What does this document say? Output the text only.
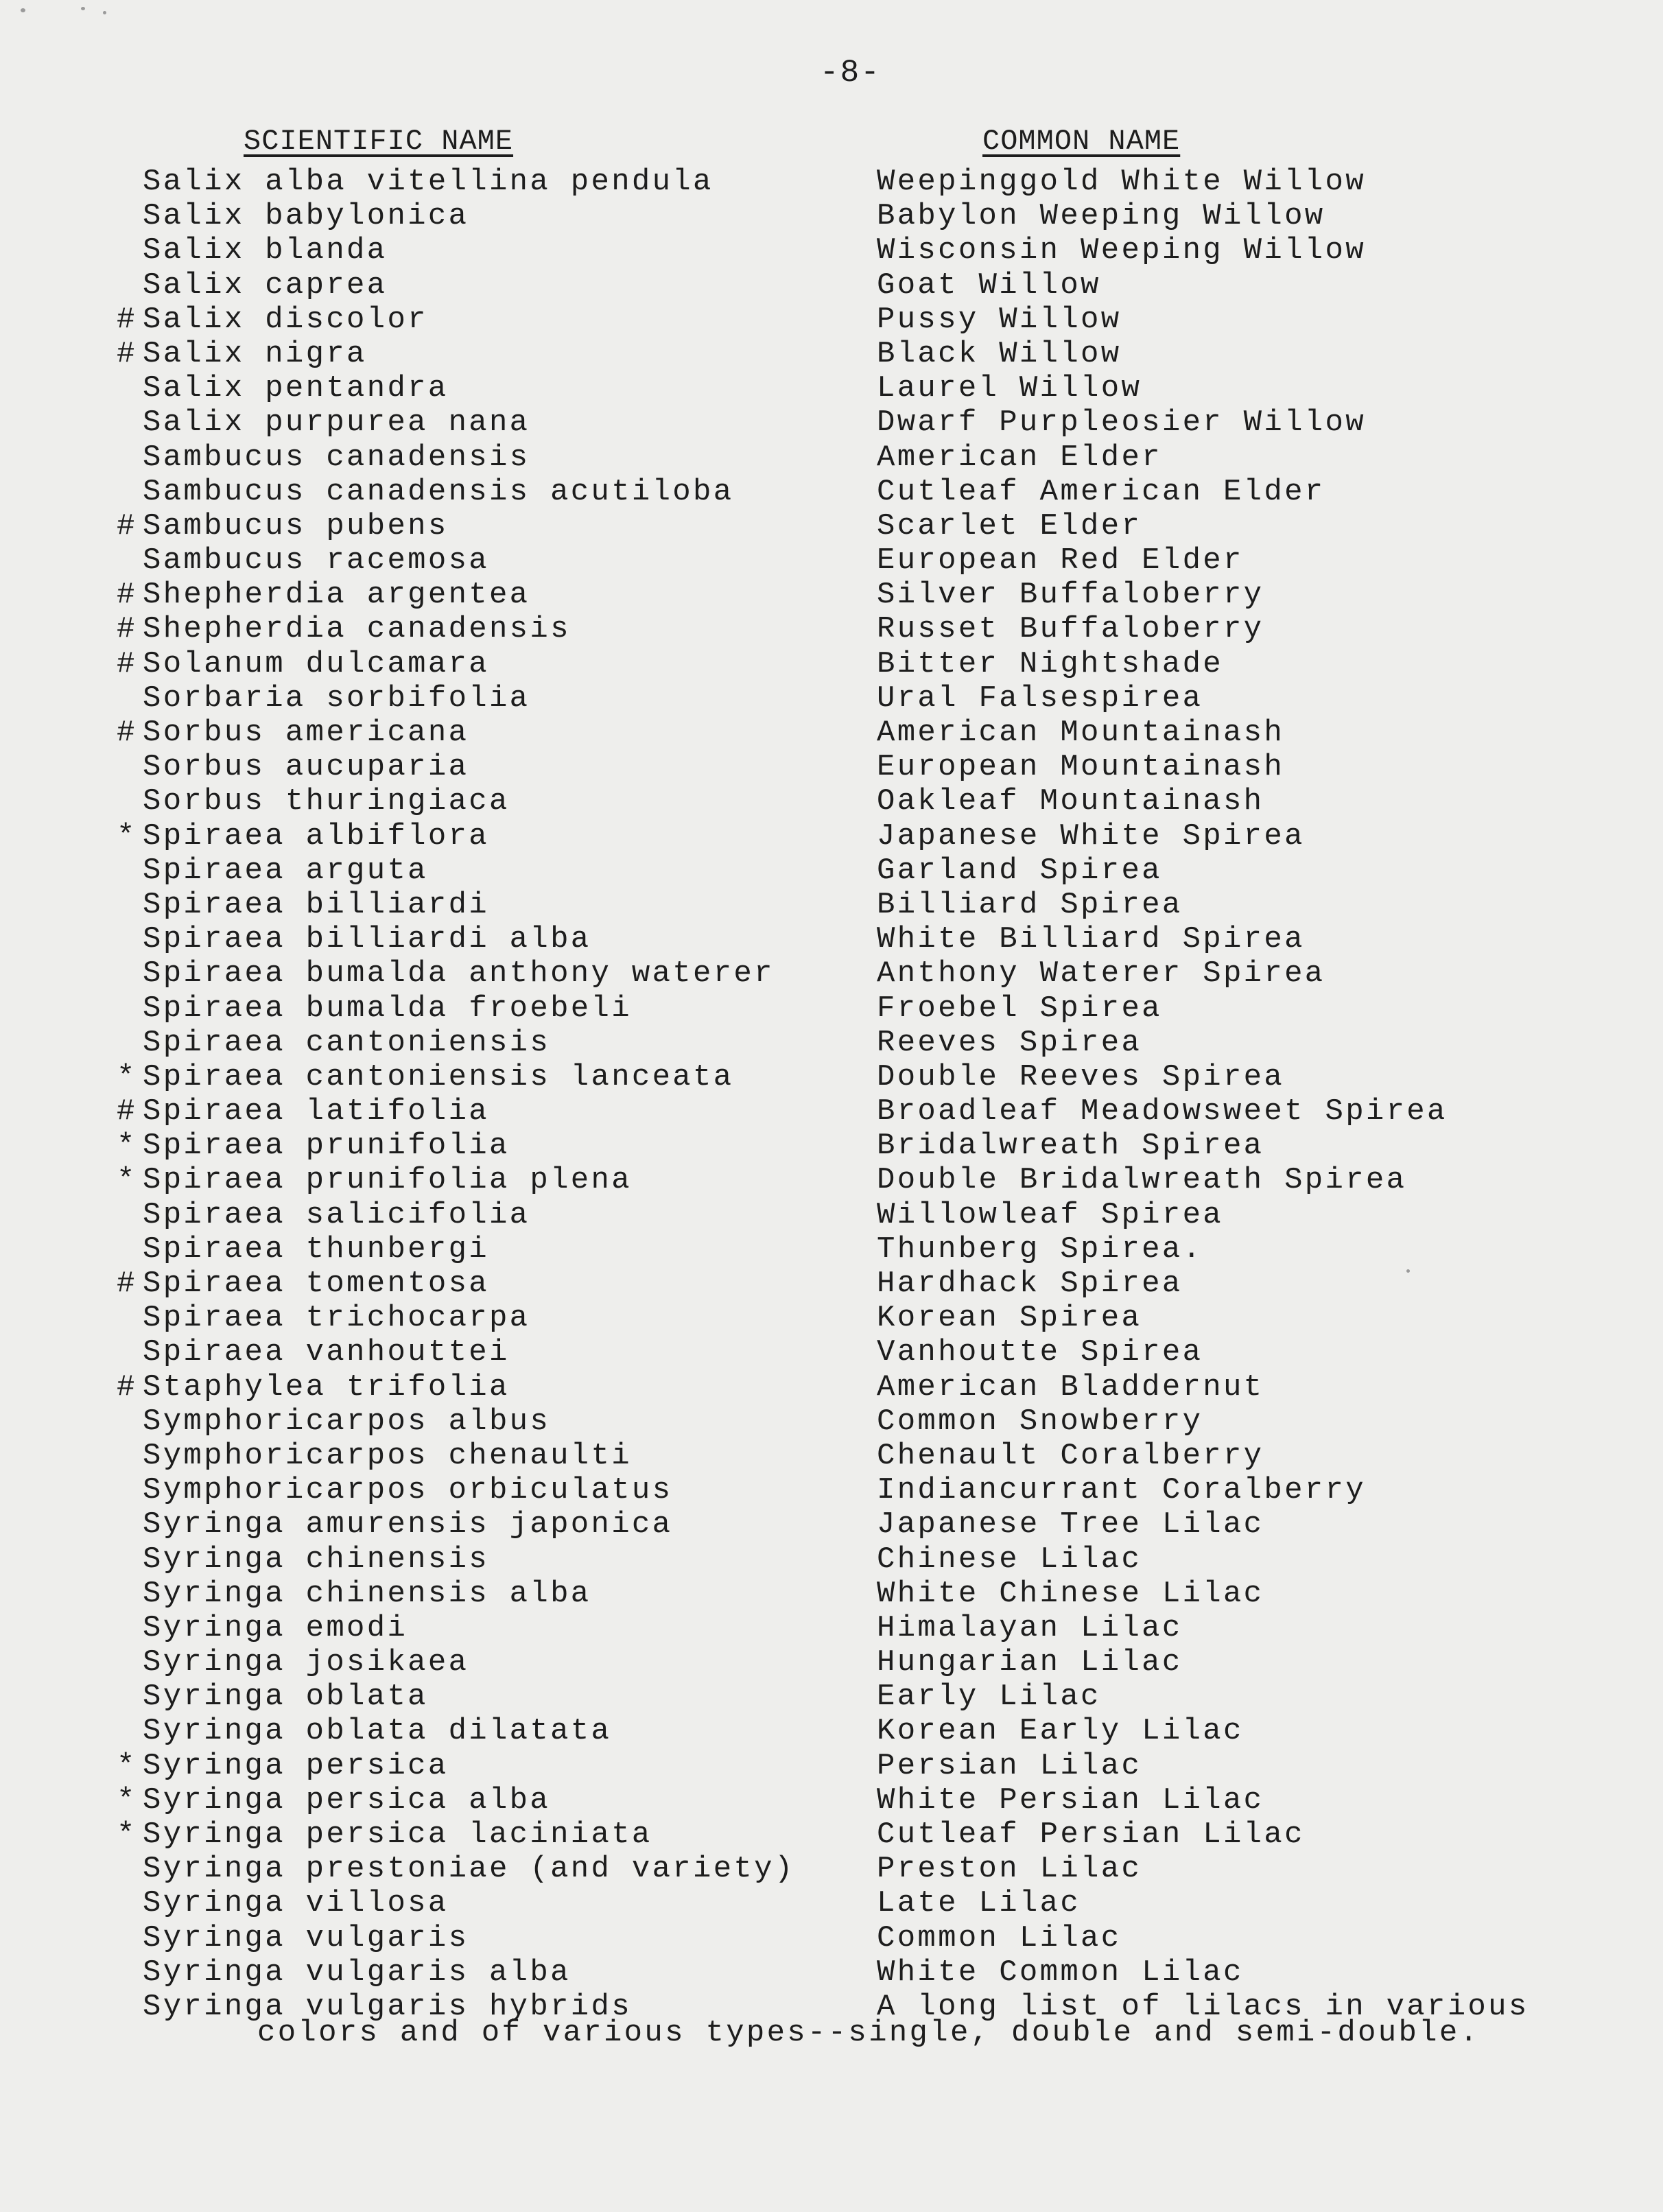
-8-
SCIENTIFIC NAME	COMMON NAME
Salix alba vitellina pendula	Weepinggold White Willow
Salix babylonica	Babylon Weeping Willow
Salix blanda	Wisconsin Weeping Willow
Salix caprea	Goat Willow
# Salix discolor	Pussy Willow
# Salix nigra	Black Willow
Salix pentandra	Laurel Willow
Salix purpurea nana	Dwarf Purpleosier Willow
Sambucus canadensis	American Elder
Sambucus canadensis acutiloba	Cutleaf American Elder
# Sambucus pubens	Scarlet Elder
Sambucus racemosa	European Red Elder
# Shepherdia argentea	Silver Buffaloberry
# Shepherdia canadensis	Russet Buffaloberry
# Solanum dulcamara	Bitter Nightshade
Sorbaria sorbifolia	Ural Falsespirea
# Sorbus americana	American Mountainash
Sorbus aucuparia	European Mountainash
Sorbus thuringiaca	Oakleaf Mountainash
* Spiraea albiflora	Japanese White Spirea
Spiraea arguta	Garland Spirea
Spiraea billiardi	Billiard Spirea
Spiraea billiardi alba	White Billiard Spirea
Spiraea bumalda anthony waterer	Anthony Waterer Spirea
Spiraea bumalda froebeli	Froebel Spirea
Spiraea cantoniensis	Reeves Spirea
* Spiraea cantoniensis lanceata	Double Reeves Spirea
# Spiraea latifolia	Broadleaf Meadowsweet Spirea
* Spiraea prunifolia	Bridalwreath Spirea
* Spiraea prunifolia plena	Double Bridalwreath Spirea
Spiraea salicifolia	Willowleaf Spirea
Spiraea thunbergi	Thunberg Spirea.
# Spiraea tomentosa	Hardhack Spirea
Spiraea trichocarpa	Korean Spirea
Spiraea vanhouttei	Vanhoutte Spirea
# Staphylea trifolia	American Bladdernut
Symphoricarpos albus	Common Snowberry
Symphoricarpos chenaulti	Chenault Coralberry
Symphoricarpos orbiculatus	Indiancurrant Coralberry
Syringa amurensis japonica	Japanese Tree Lilac
Syringa chinensis	Chinese Lilac
Syringa chinensis alba	White Chinese Lilac
Syringa emodi	Himalayan Lilac
Syringa josikaea	Hungarian Lilac
Syringa oblata	Early Lilac
Syringa oblata dilatata	Korean Early Lilac
* Syringa persica	Persian Lilac
* Syringa persica alba	White Persian Lilac
* Syringa persica laciniata	Cutleaf Persian Lilac
Syringa prestoniae (and variety)	Preston Lilac
Syringa villosa	Late Lilac
Syringa vulgaris	Common Lilac
Syringa vulgaris alba	White Common Lilac
Syringa vulgaris hybrids	A long list of lilacs in various
colors and of various types--single, double and semi-double.
